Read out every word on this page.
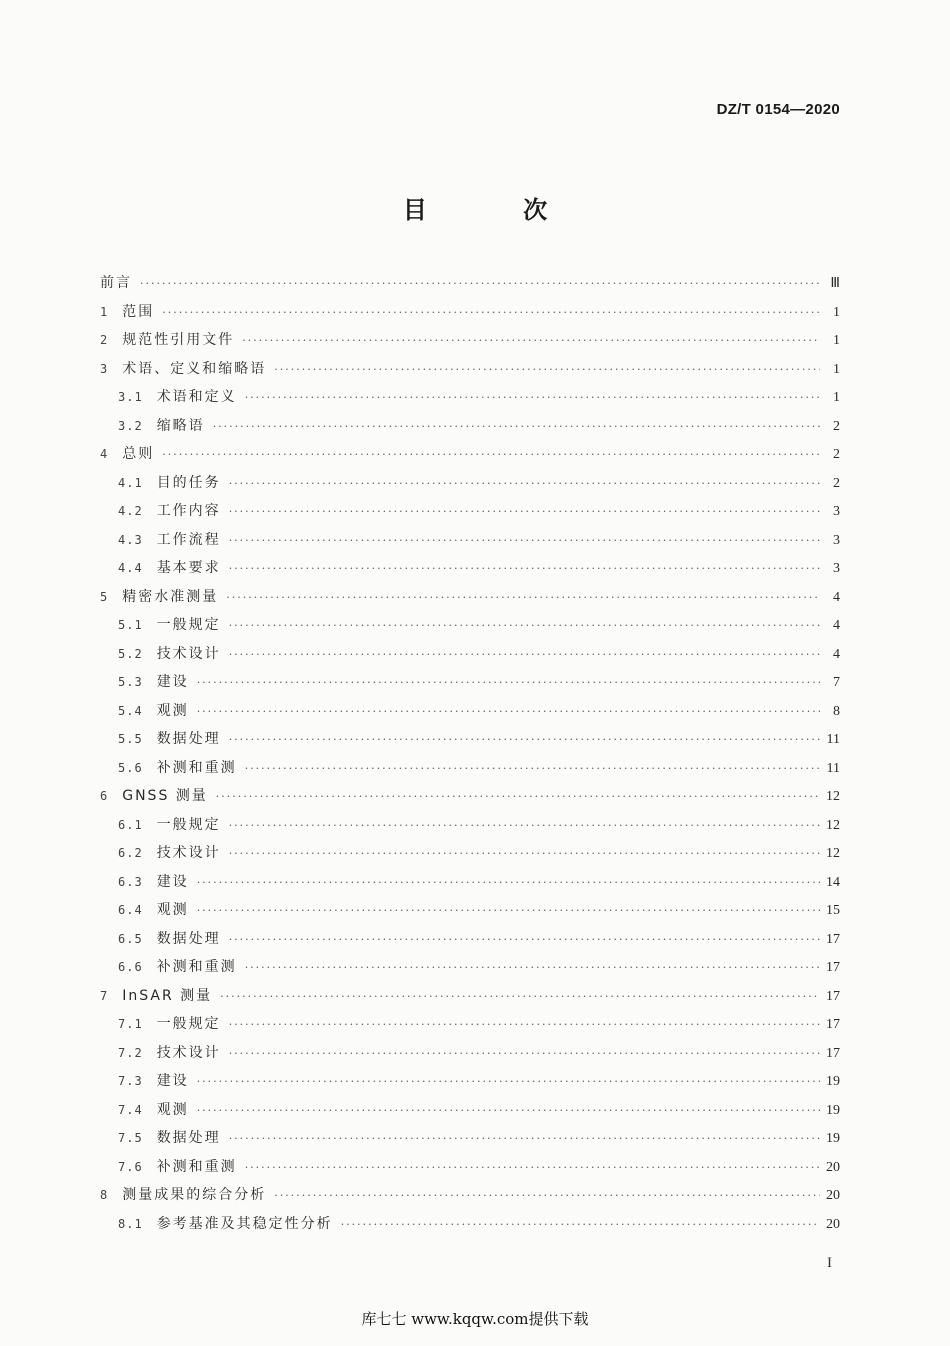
DZ/T 0154—2020
目 次
前言 ·····	Ⅲ
1 范围 ·····	1
2 规范性引用文件 ·····	1
3 术语、定义和缩略语 ·····	1
3.1 术语和定义 ·····	1
3.2 缩略语 ·····	2
4 总则 ·····	2
4.1 目的任务 ·····	2
4.2 工作内容 ·····	3
4.3 工作流程 ·····	3
4.4 基本要求 ·····	3
5 精密水准测量 ·····	4
5.1 一般规定 ·····	4
5.2 技术设计 ·····	4
5.3 建设 ·····	7
5.4 观测 ·····	8
5.5 数据处理 ·····	11
5.6 补测和重测 ·····	11
6 GNSS 测量 ·····	12
6.1 一般规定 ·····	12
6.2 技术设计 ·····	12
6.3 建设 ·····	14
6.4 观测 ·····	15
6.5 数据处理 ·····	17
6.6 补测和重测 ·····	17
7 InSAR 测量 ·····	17
7.1 一般规定 ·····	17
7.2 技术设计 ·····	17
7.3 建设 ·····	19
7.4 观测 ·····	19
7.5 数据处理 ·····	19
7.6 补测和重测 ·····	20
8 测量成果的综合分析 ·····	20
8.1 参考基准及其稳定性分析 ·····	20
I
库七七 www.kqqw.com提供下载
